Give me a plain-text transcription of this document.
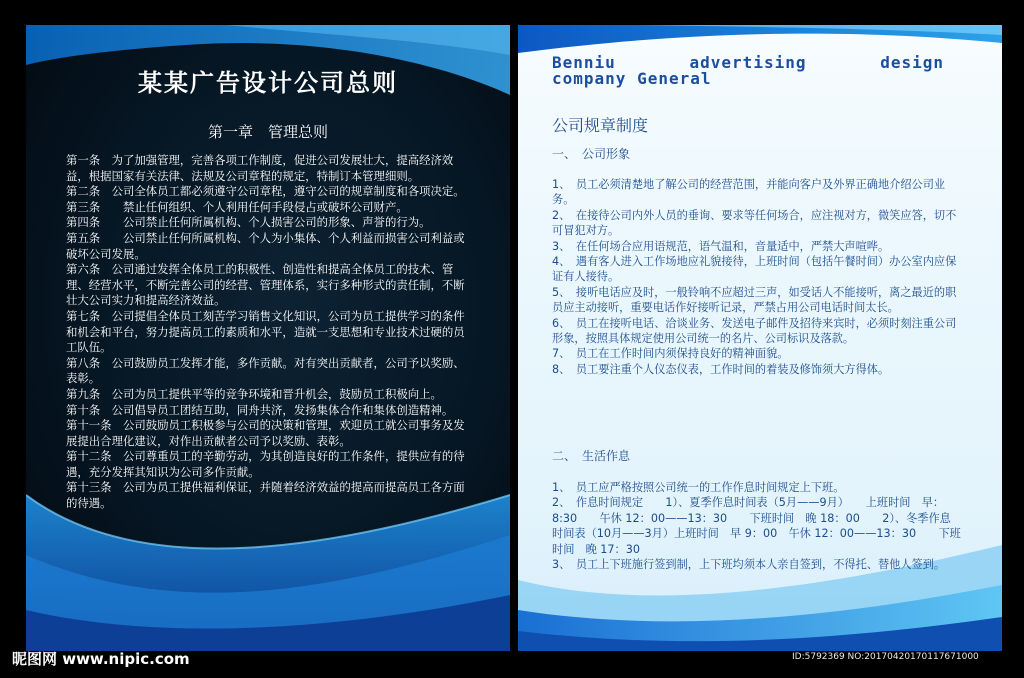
某某广告设计公司总则
第一章　管理总则

第一条　为了加强管理，完善各项工作制度，促进公司发展壮大，提高经济效益，根据国家有关法律、法规及公司章程的规定，特制订本管理细则。

第二条　公司全体员工都必须遵守公司章程，遵守公司的规章制度和各项决定。

第三条　　禁止任何组织、个人利用任何手段侵占或破坏公司财产。

第四条　　公司禁止任何所属机构、个人损害公司的形象、声誉的行为。

第五条　　公司禁止任何所属机构、个人为小集体、个人利益而损害公司利益或破坏公司发展。

第六条　公司通过发挥全体员工的积极性、创造性和提高全体员工的技术、管理、经营水平，不断完善公司的经营、管理体系，实行多种形式的责任制，不断壮大公司实力和提高经济效益。

第七条　公司提倡全体员工刻苦学习销售文化知识，公司为员工提供学习的条件和机会和平台，努力提高员工的素质和水平，造就一支思想和专业技术过硬的员工队伍。

第八条　公司鼓励员工发挥才能，多作贡献。对有突出贡献者，公司予以奖励、表彰。

第九条　公司为员工提供平等的竞争环境和晋升机会，鼓励员工积极向上。

第十条　公司倡导员工团结互助，同舟共济，发扬集体合作和集体创造精神。

第十一条　公司鼓励员工积极参与公司的决策和管理，欢迎员工就公司事务及发展提出合理化建议，对作出贡献者公司予以奖励、表彰。

第十二条　公司尊重员工的辛勤劳动，为其创造良好的工作条件，提供应有的待遇，充分发挥其知识为公司多作贡献。

第十三条　公司为员工提供福利保证，并随着经济效益的提高而提高员工各方面的待遇。

Benniu	advertising	design
company General
公司规章制度
一、　公司形象

1、　员工必须清楚地了解公司的经营范围，并能向客户及外界正确地介绍公司业务。

2、　在接待公司内外人员的垂询、要求等任何场合，应注视对方，微笑应答，切不可冒犯对方。

3、　在任何场合应用语规范，语气温和，音量适中，严禁大声喧哗。

4、　遇有客人进入工作场地应礼貌接待，上班时间（包括午餐时间）办公室内应保证有人接待。

5、　接听电话应及时，一般铃响不应超过三声，如受话人不能接听，离之最近的职员应主动接听，重要电话作好接听记录，严禁占用公司电话时间太长。

6、　员工在接听电话、洽谈业务、发送电子邮件及招待来宾时，必须时刻注重公司形象，按照具体规定使用公司统一的名片、公司标识及落款。

7、　员工在工作时间内须保持良好的精神面貌。

8、　员工要注重个人仪态仪表，工作时间的着装及修饰须大方得体。

二、　生活作息

1、　员工应严格按照公司统一的工作作息时间规定上下班。

2、　作息时间规定　　1）、夏季作息时间表（5月——9月）　　上班时间　早：8:30　　午休 12：00——13：30　　下班时间　晚 18：00　　2）、冬季作息时间表（10月——3月）上班时间　早 9：00　午休 12：00——13：30　　下班时间　晚 17：30

3、　员工上下班施行签到制，上下班均须本人亲自签到，不得托、替他人签到。

昵图网 www.nipic.com	ID:5792369 NO:20170420170117671000
